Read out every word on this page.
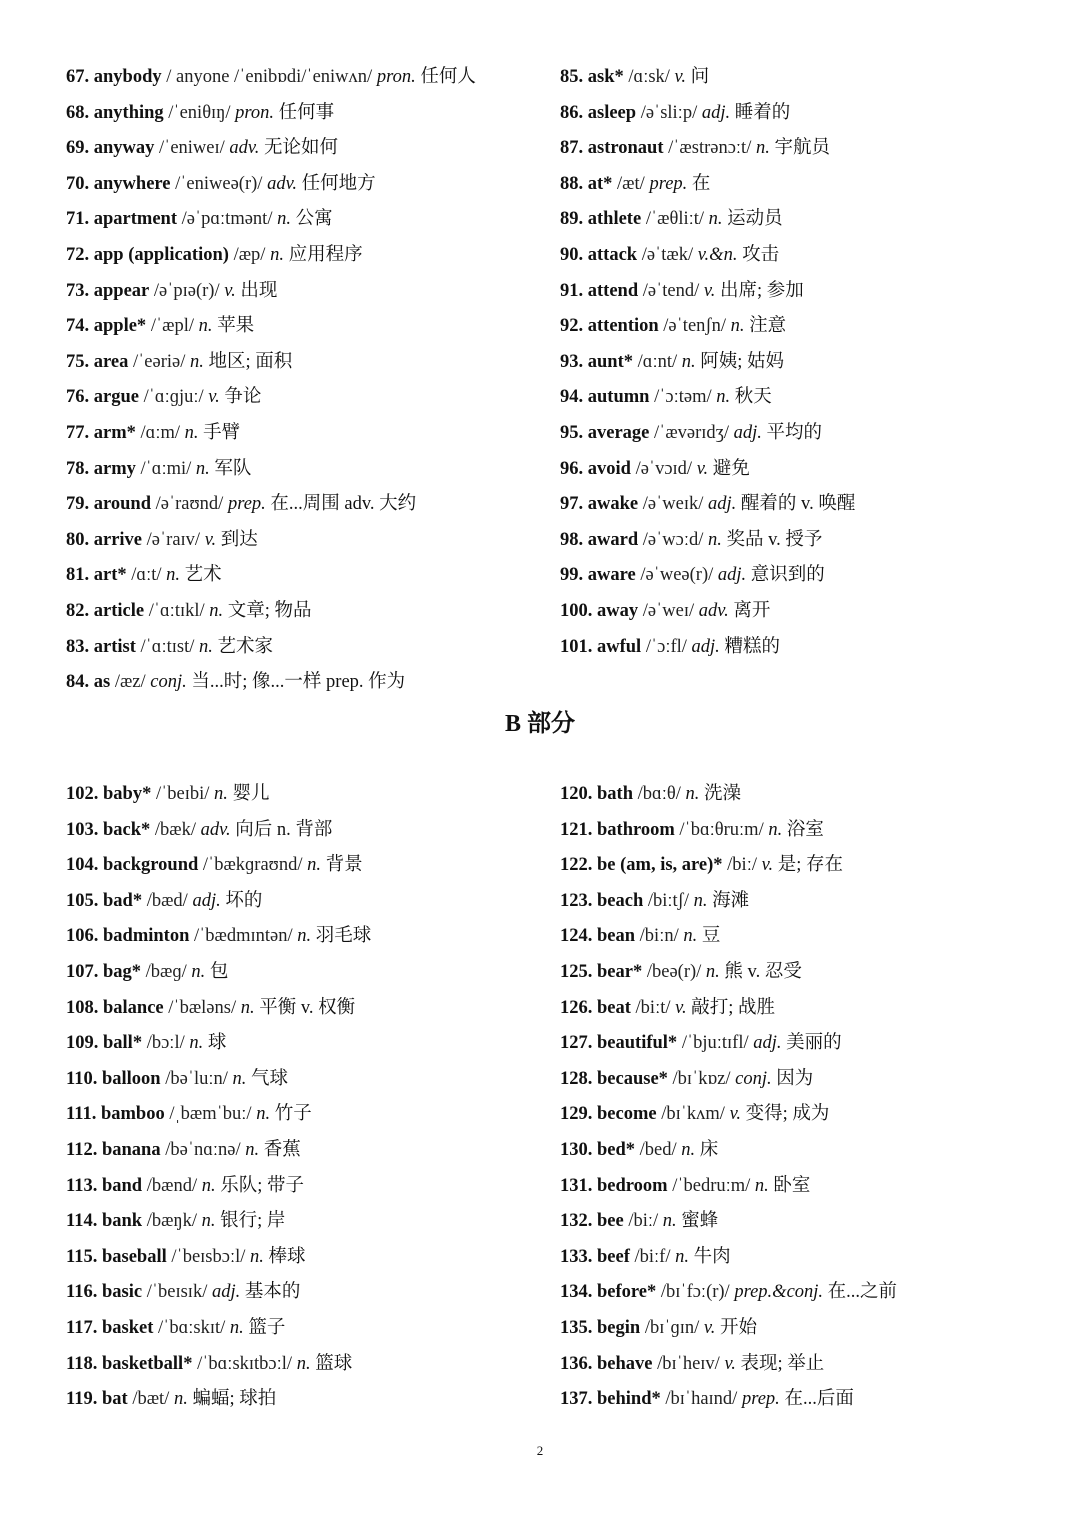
67. anybody / anyone /ˈenibɒdi/ˈeniwʌn/ pron. 任何人
68. anything /ˈeniθɪŋ/ pron. 任何事
69. anyway /ˈeniweɪ/ adv. 无论如何
70. anywhere /ˈeniweə(r)/ adv. 任何地方
71. apartment /əˈpɑːtmənt/ n. 公寓
72. app (application) /æp/ n. 应用程序
73. appear /əˈpɪə(r)/ v. 出现
74. apple* /ˈæpl/ n. 苹果
75. area /ˈeəriə/ n. 地区; 面积
76. argue /ˈɑːɡjuː/ v. 争论
77. arm* /ɑːm/ n. 手臂
78. army /ˈɑːmi/ n. 军队
79. around /əˈraʊnd/ prep. 在...周围 adv. 大约
80. arrive /əˈraɪv/ v. 到达
81. art* /ɑːt/ n. 艺术
82. article /ˈɑːtɪkl/ n. 文章; 物品
83. artist /ˈɑːtɪst/ n. 艺术家
84. as /æz/ conj. 当...时; 像...一样 prep. 作为
85. ask* /ɑːsk/ v. 问
86. asleep /əˈsliːp/ adj. 睡着的
87. astronaut /ˈæstrənɔːt/ n. 宇航员
88. at* /æt/ prep. 在
89. athlete /ˈæθliːt/ n. 运动员
90. attack /əˈtæk/ v.&n. 攻击
91. attend /əˈtend/ v. 出席; 参加
92. attention /əˈtenʃn/ n. 注意
93. aunt* /ɑːnt/ n. 阿姨; 姑妈
94. autumn /ˈɔːtəm/ n. 秋天
95. average /ˈævərɪdʒ/ adj. 平均的
96. avoid /əˈvɔɪd/ v. 避免
97. awake /əˈweɪk/ adj. 醒着的 v. 唤醒
98. award /əˈwɔːd/ n. 奖品 v. 授予
99. aware /əˈweə(r)/ adj. 意识到的
100. away /əˈweɪ/ adv. 离开
101. awful /ˈɔːfl/ adj. 糟糕的
B 部分
102. baby* /ˈbeɪbi/ n. 婴儿
103. back* /bæk/ adv. 向后 n. 背部
104. background /ˈbækɡraʊnd/ n. 背景
105. bad* /bæd/ adj. 坏的
106. badminton /ˈbædmɪntən/ n. 羽毛球
107. bag* /bæɡ/ n. 包
108. balance /ˈbæləns/ n. 平衡 v. 权衡
109. ball* /bɔːl/ n. 球
110. balloon /bəˈluːn/ n. 气球
111. bamboo /ˌbæmˈbuː/ n. 竹子
112. banana /bəˈnɑːnə/ n. 香蕉
113. band /bænd/ n. 乐队; 带子
114. bank /bæŋk/ n. 银行; 岸
115. baseball /ˈbeɪsbɔːl/ n. 棒球
116. basic /ˈbeɪsɪk/ adj. 基本的
117. basket /ˈbɑːskɪt/ n. 篮子
118. basketball* /ˈbɑːskɪtbɔːl/ n. 篮球
119. bat /bæt/ n. 蝙蝠; 球拍
120. bath /bɑːθ/ n. 洗澡
121. bathroom /ˈbɑːθruːm/ n. 浴室
122. be (am, is, are)* /biː/ v. 是; 存在
123. beach /biːtʃ/ n. 海滩
124. bean /biːn/ n. 豆
125. bear* /beə(r)/ n. 熊 v. 忍受
126. beat /biːt/ v. 敲打; 战胜
127. beautiful* /ˈbjuːtɪfl/ adj. 美丽的
128. because* /bɪˈkɒz/ conj. 因为
129. become /bɪˈkʌm/ v. 变得; 成为
130. bed* /bed/ n. 床
131. bedroom /ˈbedruːm/ n. 卧室
132. bee /biː/ n. 蜜蜂
133. beef /biːf/ n. 牛肉
134. before* /bɪˈfɔː(r)/ prep.&conj. 在...之前
135. begin /bɪˈɡɪn/ v. 开始
136. behave /bɪˈheɪv/ v. 表现; 举止
137. behind* /bɪˈhaɪnd/ prep. 在...后面
2
